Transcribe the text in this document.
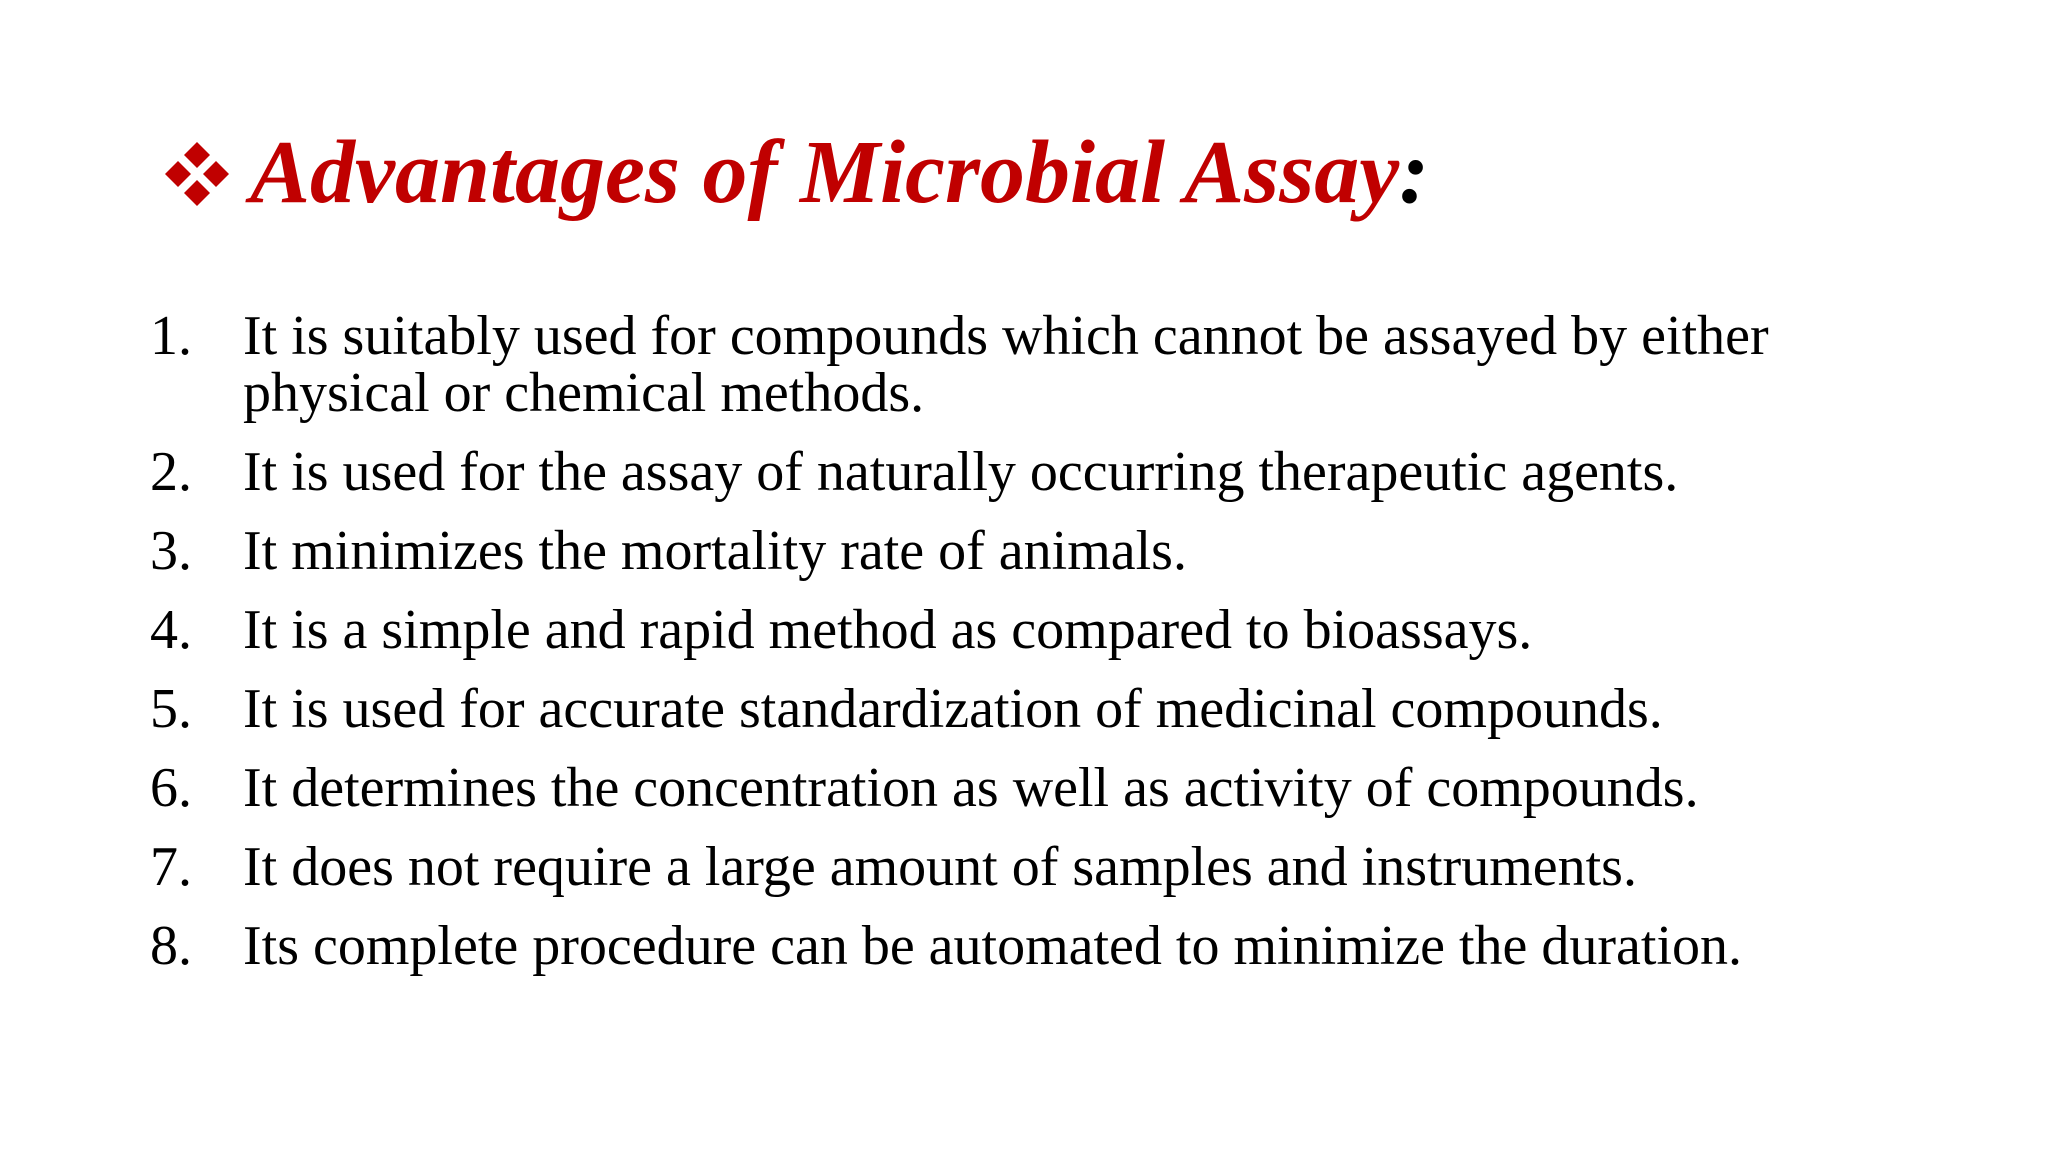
Advantages of Microbial Assay :
1. It is suitably used for compounds which cannot be assayed by either physical or chemical methods.
2. It is used for the assay of naturally occurring therapeutic agents.
3. It minimizes the mortality rate of animals.
4. It is a simple and rapid method as compared to bioassays.
5. It is used for accurate standardization of medicinal compounds.
6. It determines the concentration as well as activity of compounds.
7. It does not require a large amount of samples and instruments.
8. Its complete procedure can be automated to minimize the duration.
